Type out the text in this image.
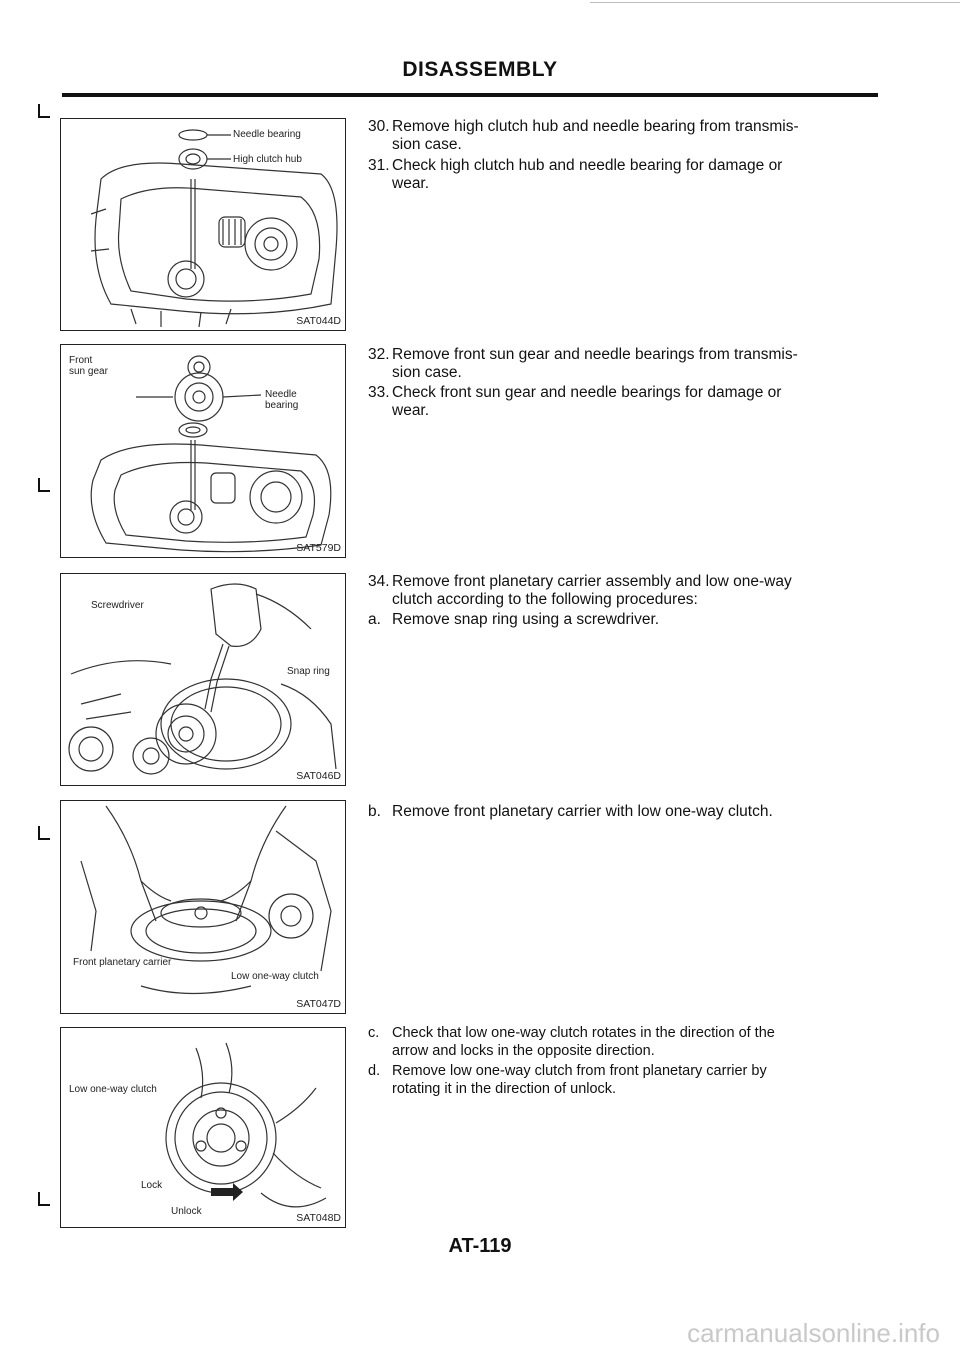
DISASSEMBLY
Needle bearing
High clutch hub
SAT044D
Front
sun gear
Needle
bearing
SAT579D
Screwdriver
Snap ring
SAT046D
Front planetary carrier
Low one-way clutch
SAT047D
Low one-way clutch
Lock
Unlock
SAT048D
30. Remove high clutch hub and needle bearing from transmis-
sion case.
31. Check high clutch hub and needle bearing for damage or
wear.
32. Remove front sun gear and needle bearings from transmis-
sion case.
33. Check front sun gear and needle bearings for damage or
wear.
34. Remove front planetary carrier assembly and low one-way
clutch according to the following procedures:
a. Remove snap ring using a screwdriver.
b. Remove front planetary carrier with low one-way clutch.
c. Check that low one-way clutch rotates in the direction of the
arrow and locks in the opposite direction.
d. Remove low one-way clutch from front planetary carrier by
rotating it in the direction of unlock.
AT-119
carmanualsonline.info
